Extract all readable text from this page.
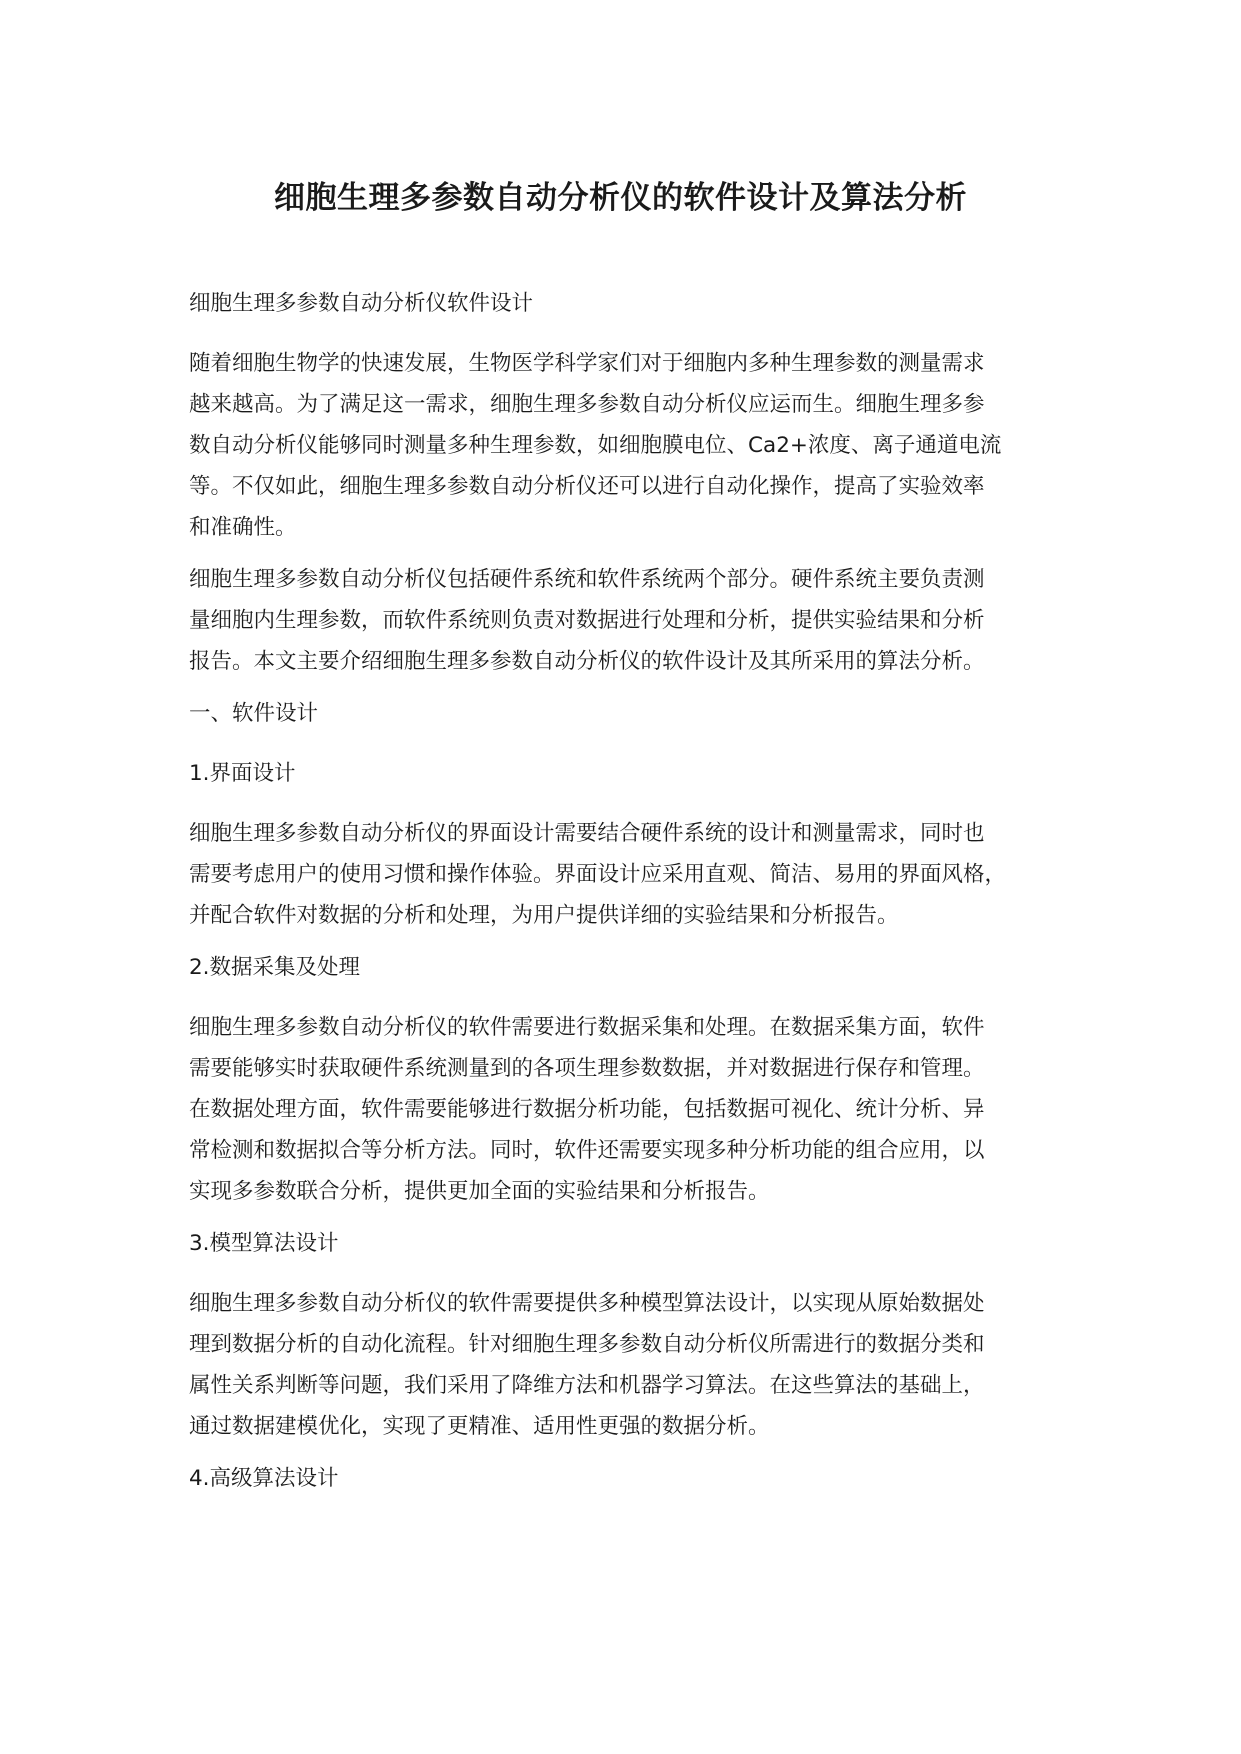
细胞生理多参数自动分析仪的软件设计及算法分析

细胞生理多参数自动分析仪软件设计

随着细胞生物学的快速发展，生物医学科学家们对于细胞内多种生理参数的测量需求
越来越高。为了满足这一需求，细胞生理多参数自动分析仪应运而生。细胞生理多参
数自动分析仪能够同时测量多种生理参数，如细胞膜电位、Ca2+浓度、离子通道电流
等。不仅如此，细胞生理多参数自动分析仪还可以进行自动化操作，提高了实验效率
和准确性。
细胞生理多参数自动分析仪包括硬件系统和软件系统两个部分。硬件系统主要负责测
量细胞内生理参数，而软件系统则负责对数据进行处理和分析，提供实验结果和分析
报告。本文主要介绍细胞生理多参数自动分析仪的软件设计及其所采用的算法分析。

一、软件设计

1.界面设计

细胞生理多参数自动分析仪的界面设计需要结合硬件系统的设计和测量需求，同时也
需要考虑用户的使用习惯和操作体验。界面设计应采用直观、简洁、易用的界面风格，
并配合软件对数据的分析和处理，为用户提供详细的实验结果和分析报告。

2.数据采集及处理

细胞生理多参数自动分析仪的软件需要进行数据采集和处理。在数据采集方面，软件
需要能够实时获取硬件系统测量到的各项生理参数数据，并对数据进行保存和管理。
在数据处理方面，软件需要能够进行数据分析功能，包括数据可视化、统计分析、异
常检测和数据拟合等分析方法。同时，软件还需要实现多种分析功能的组合应用，以
实现多参数联合分析，提供更加全面的实验结果和分析报告。

3.模型算法设计

细胞生理多参数自动分析仪的软件需要提供多种模型算法设计，以实现从原始数据处
理到数据分析的自动化流程。针对细胞生理多参数自动分析仪所需进行的数据分类和
属性关系判断等问题，我们采用了降维方法和机器学习算法。在这些算法的基础上，
通过数据建模优化，实现了更精准、适用性更强的数据分析。

4.高级算法设计
